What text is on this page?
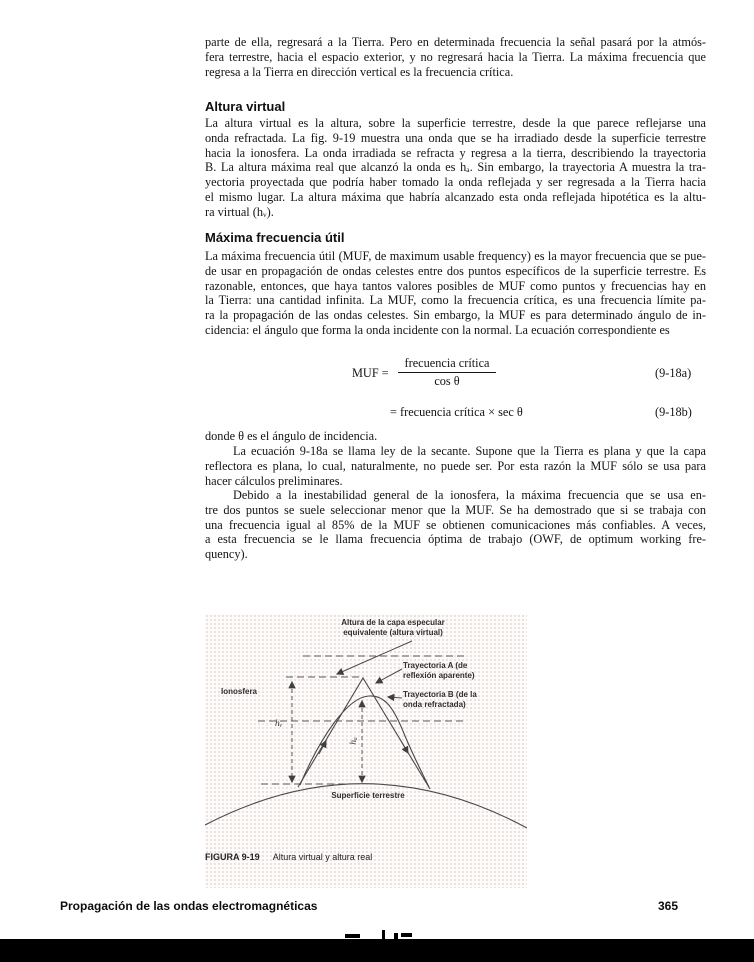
parte de ella, regresará a la Tierra. Pero en determinada frecuencia la señal pasará por la atmós-
fera terrestre, hacia el espacio exterior, y no regresará hacia la Tierra. La máxima frecuencia que
regresa a la Tierra en dirección vertical es la frecuencia crítica.
Altura virtual
La altura virtual es la altura, sobre la superficie terrestre, desde la que parece reflejarse una
onda refractada. La fig. 9-19 muestra una onda que se ha irradiado desde la superficie terrestre
hacia la ionosfera. La onda irradiada se refracta y regresa a la tierra, describiendo la trayectoria
B. La altura máxima real que alcanzó la onda es hₐ. Sin embargo, la trayectoria A muestra la tra-
yectoria proyectada que podría haber tomado la onda reflejada y ser regresada a la Tierra hacia
el mismo lugar. La altura máxima que habría alcanzado esta onda reflejada hipotética es la altu-
ra virtual (hᵥ).
Máxima frecuencia útil
La máxima frecuencia útil (MUF, de maximum usable frequency) es la mayor frecuencia que se pue-
de usar en propagación de ondas celestes entre dos puntos específicos de la superficie terrestre. Es
razonable, entonces, que haya tantos valores posibles de MUF como puntos y frecuencias hay en
la Tierra: una cantidad infinita. La MUF, como la frecuencia crítica, es una frecuencia límite pa-
ra la propagación de las ondas celestes. Sin embargo, la MUF es para determinado ángulo de in-
cidencia: el ángulo que forma la onda incidente con la normal. La ecuación correspondiente es
MUF =
frecuencia crítica
cos θ
(9-18a)
= frecuencia crítica × sec θ	(9-18b)
donde θ es el ángulo de incidencia.
La ecuación 9-18a se llama ley de la secante. Supone que la Tierra es plana y que la capa
reflectora es plana, lo cual, naturalmente, no puede ser. Por esta razón la MUF sólo se usa para
hacer cálculos preliminares.
Debido a la inestabilidad general de la ionosfera, la máxima frecuencia que se usa en-
tre dos puntos se suele seleccionar menor que la MUF. Se ha demostrado que si se trabaja con
una frecuencia igual al 85% de la MUF se obtienen comunicaciones más confiables. A veces,
a esta frecuencia se le llama frecuencia óptima de trabajo (OWF, de optimum working fre-
quency).
Altura de la capa especular
equivalente (altura virtual)
Ionosfera
Trayectoria A (de
reflexión aparente)
Trayectoria B (de la
onda refractada)
hᵥ
hₐ
Superficie terrestre
FIGURA 9-19 Altura virtual y altura real
Propagación de las ondas electromagnéticas	365
